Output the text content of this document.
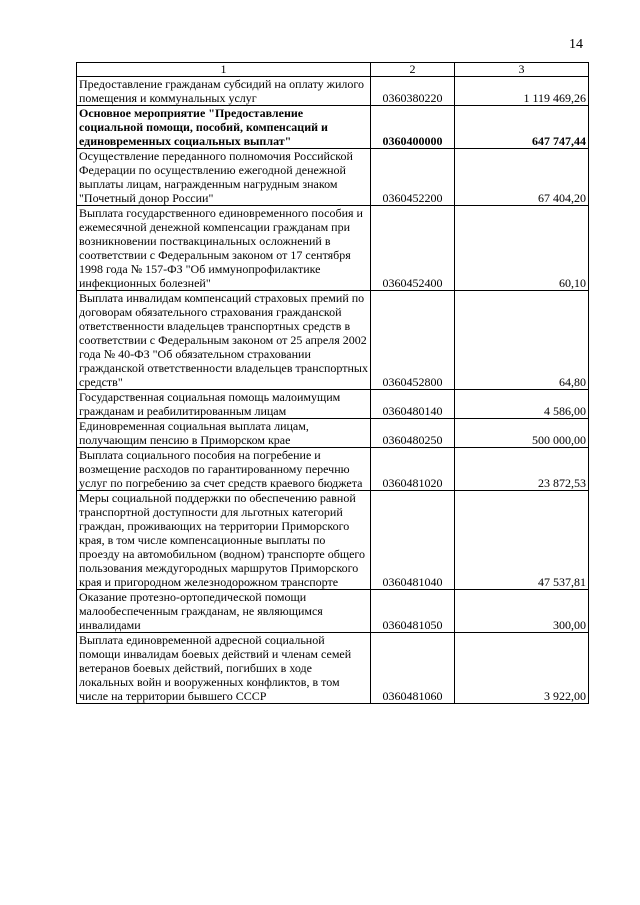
14
1	2	3
Предоставление гражданам субсидий на оплату жилого помещения и коммунальных услуг	0360380220	1 119 469,26
Основное мероприятие "Предоставление социальной помощи, пособий, компенсаций и единовременных социальных выплат"	0360400000	647 747,44
Осуществление переданного полномочия Российской Федерации по осуществлению ежегодной денежной выплаты лицам, награжденным нагрудным знаком "Почетный донор России"	0360452200	67 404,20
Выплата государственного единовременного пособия и ежемесячной денежной компенсации гражданам при возникновении поствакцинальных осложнений в соответствии с Федеральным законом от 17 сентября 1998 года № 157-ФЗ "Об иммунопрофилактике инфекционных болезней"	0360452400	60,10
Выплата инвалидам компенсаций страховых премий по договорам обязательного страхования гражданской ответственности владельцев транспортных средств в соответствии с Федеральным законом от 25 апреля 2002 года № 40-ФЗ "Об обязательном страховании гражданской ответственности владельцев транспортных средств"	0360452800	64,80
Государственная социальная помощь малоимущим гражданам и реабилитированным лицам	0360480140	4 586,00
Единовременная социальная выплата лицам, получающим пенсию в Приморском крае	0360480250	500 000,00
Выплата социального пособия на погребение и возмещение расходов по гарантированному перечню услуг по погребению за счет средств краевого бюджета	0360481020	23 872,53
Меры социальной поддержки по обеспечению равной транспортной доступности для льготных категорий граждан, проживающих на территории Приморского края, в том числе компенсационные выплаты по проезду на автомобильном (водном) транспорте общего пользования междугородных маршрутов Приморского края и пригородном железнодорожном транспорте	0360481040	47 537,81
Оказание протезно-ортопедической помощи малообеспеченным гражданам, не являющимся инвалидами	0360481050	300,00
Выплата единовременной адресной социальной помощи инвалидам боевых действий и членам семей ветеранов боевых действий, погибших в ходе локальных войн и вооруженных конфликтов, в том числе на территории бывшего СССР	0360481060	3 922,00
